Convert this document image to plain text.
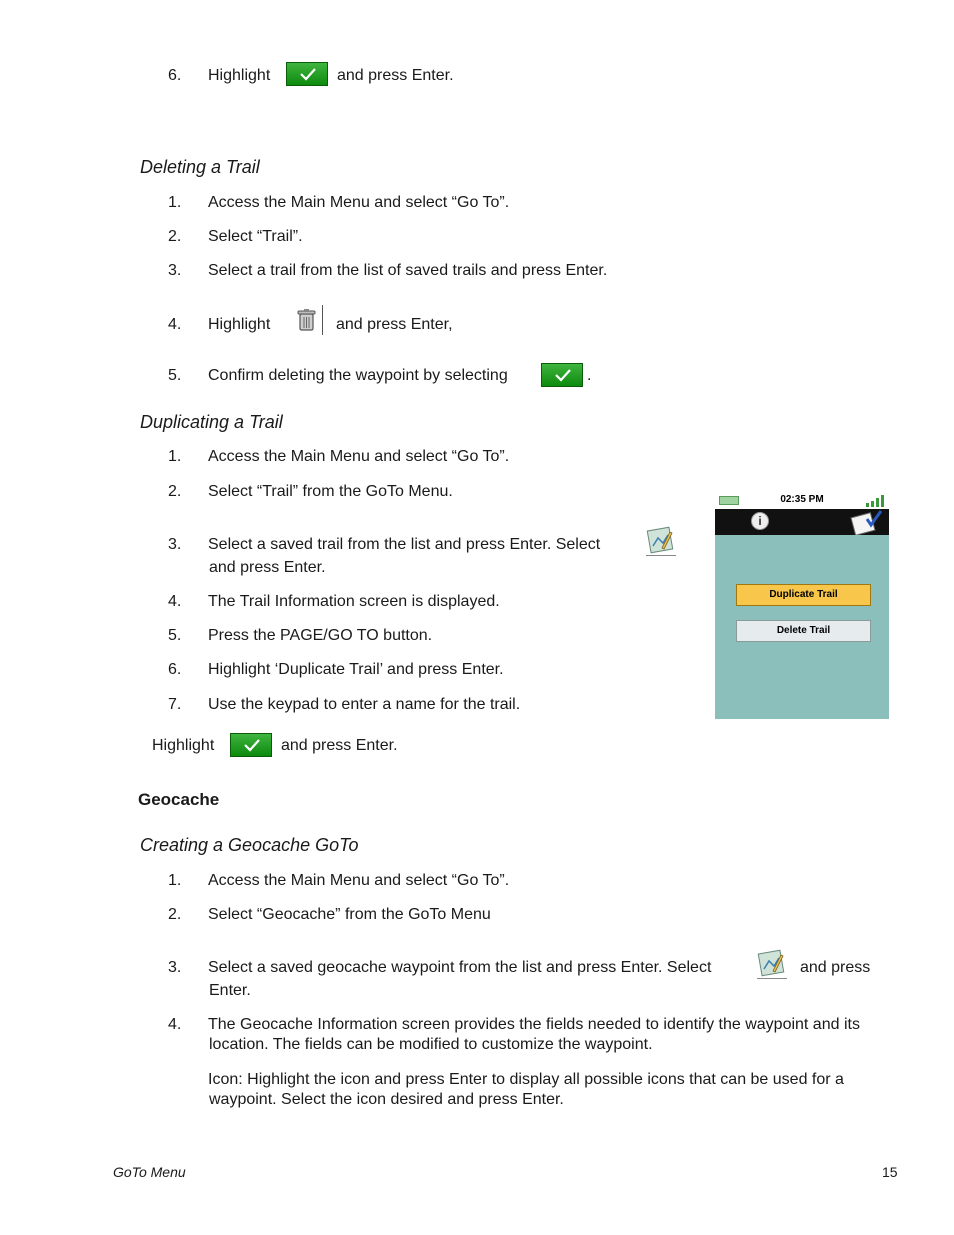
6.	Highlight	and press Enter.
Deleting a Trail
1.	Access the Main Menu and select “Go To”.
2.	Select “Trail”.
3.	Select a trail from the list of saved trails and press Enter.
4.	Highlight	and press Enter,
5.	Confirm deleting the waypoint by selecting	.
Duplicating a Trail
1.	Access the Main Menu and select “Go To”.
2.	Select “Trail” from the GoTo Menu.
3.	Select a saved trail from the list and press Enter. Select
and press Enter.
4.	The Trail Information screen is displayed.
5.	Press the PAGE/GO TO button.
6.	Highlight ‘Duplicate Trail’ and press Enter.
7.	Use the keypad to enter a name for the trail.
Highlight	and press Enter.
02:35 PM
i
Duplicate Trail
Delete Trail
Geocache
Creating a Geocache GoTo
1.	Access the Main Menu and select “Go To”.
2.	Select “Geocache” from the GoTo Menu
3.	Select a saved geocache waypoint from the list and press Enter. Select	and press
Enter.
4.	The Geocache Information screen provides the fields needed to identify the waypoint and its
location. The fields can be modified to customize the waypoint.
Icon: Highlight the icon and press Enter to display all possible icons that can be used for a
waypoint. Select the icon desired and press Enter.
GoTo Menu	15
